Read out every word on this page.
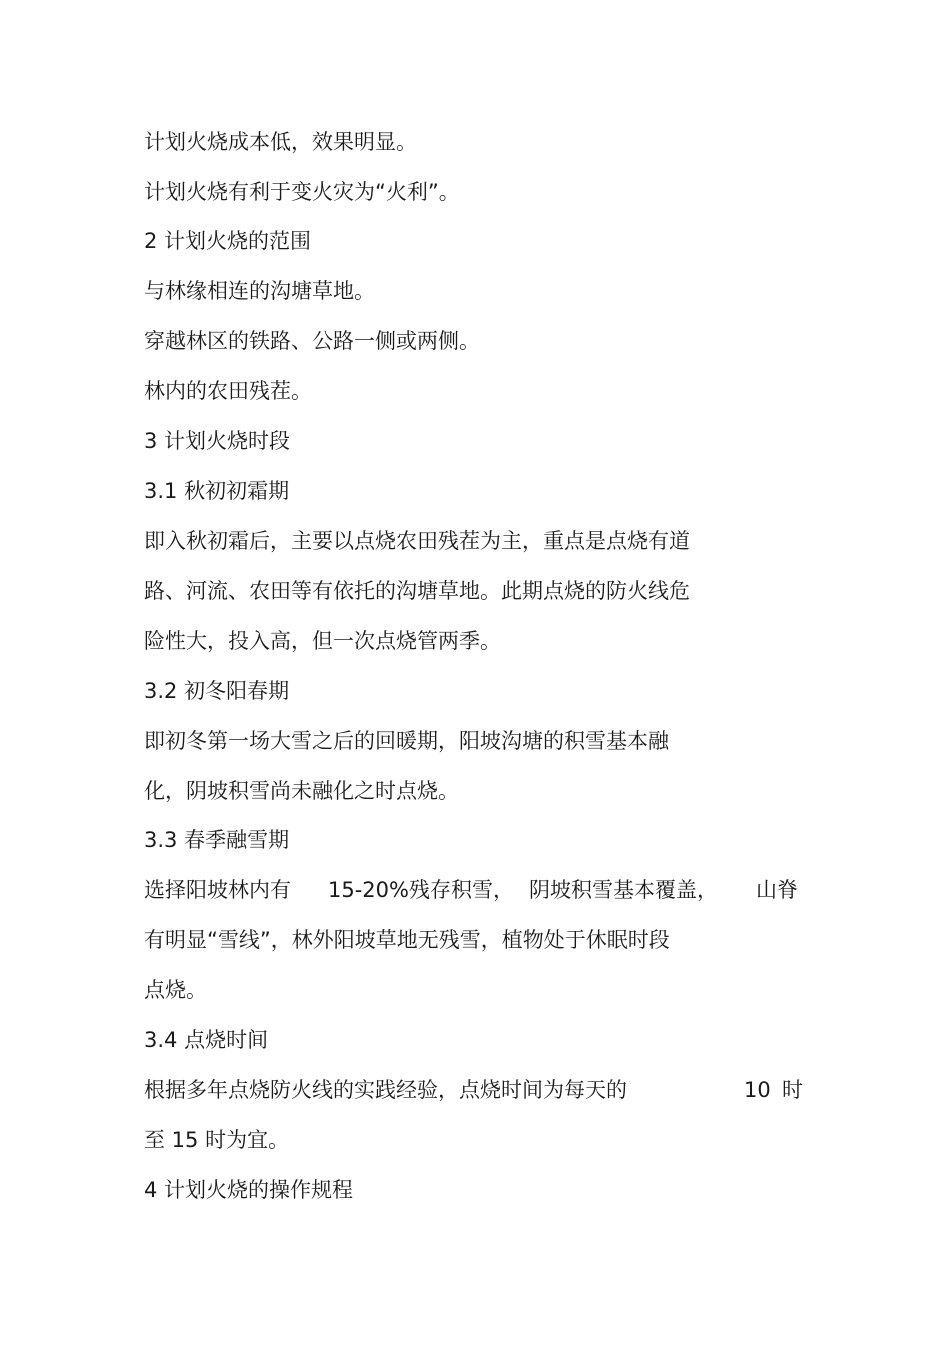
计划火烧成本低，效果明显。
计划火烧有利于变火灾为“火利”。
2 计划火烧的范围
与林缘相连的沟塘草地。
穿越林区的铁路、公路一侧或两侧。
林内的农田残茬。
3 计划火烧时段
3.1 秋初初霜期
即入秋初霜后，主要以点烧农田残茬为主，重点是点烧有道
路、河流、农田等有依托的沟塘草地。此期点烧的防火线危
险性大，投入高，但一次点烧管两季。
3.2 初冬阳春期
即初冬第一场大雪之后的回暖期，阳坡沟塘的积雪基本融
化，阴坡积雪尚未融化之时点烧。
3.3 春季融雪期
选择阳坡林内有 15-20%残存积雪， 阴坡积雪基本覆盖， 山脊
有明显“雪线”，林外阳坡草地无残雪，植物处于休眠时段
点烧。
3.4 点烧时间
根据多年点烧防火线的实践经验，点烧时间为每天的	10 时
至 15 时为宜。
4 计划火烧的操作规程
